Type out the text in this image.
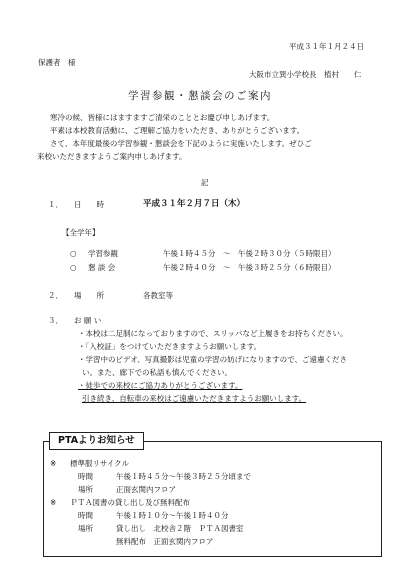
平成３１年１月２４日
保護者　様
大阪市立巽小学校長　植村　　仁
学習参観・懇談会のご案内
寒冷の候、皆様にはますますご清栄のこととお慶び申しあげます。
平素は本校教育活動に、ご理解ご協力をいただき、ありがとうございます。
さて、本年度最後の学習参観・懇談会を下記のように実施いたします。ぜひご
来校いただきますようご案内申しあげます。
記
１． 日　　時	平成３１年２月７日（木）
【全学年】
○ 学習参観	午後１時４５分　～　午後２時３０分（５時限目）
○ 懇 談 会	午後２時４０分　～　午後３時２５分（６時限目）
２． 場　　所	各教室等
３． お 願 い
・本校は二足制になっておりますので、スリッパなど上履きをお持ちください。
・「入校証」をつけていただきますようお願いします。
・学習中のビデオ、写真撮影は児童の学習の妨げになりますので、ご遠慮くださ
い。また、廊下での私語も慎んでください。
・徒歩での来校にご協力ありがとうございます。
引き続き、自転車の来校はご遠慮いただきますようお願いします。
PTAよりお知らせ
※ 標準服リサイクル
時間	午後１時４５分～午後３時２５分頃まで
場所	正面玄関内フロア
※ ＰＴＡ図書の貸し出し及び無料配布
時間	午後１時１０分～午後１時４０分
場所	貸し出し　北校舎２階　ＰＴＡ図書室
無料配布　正面玄関内フロア
